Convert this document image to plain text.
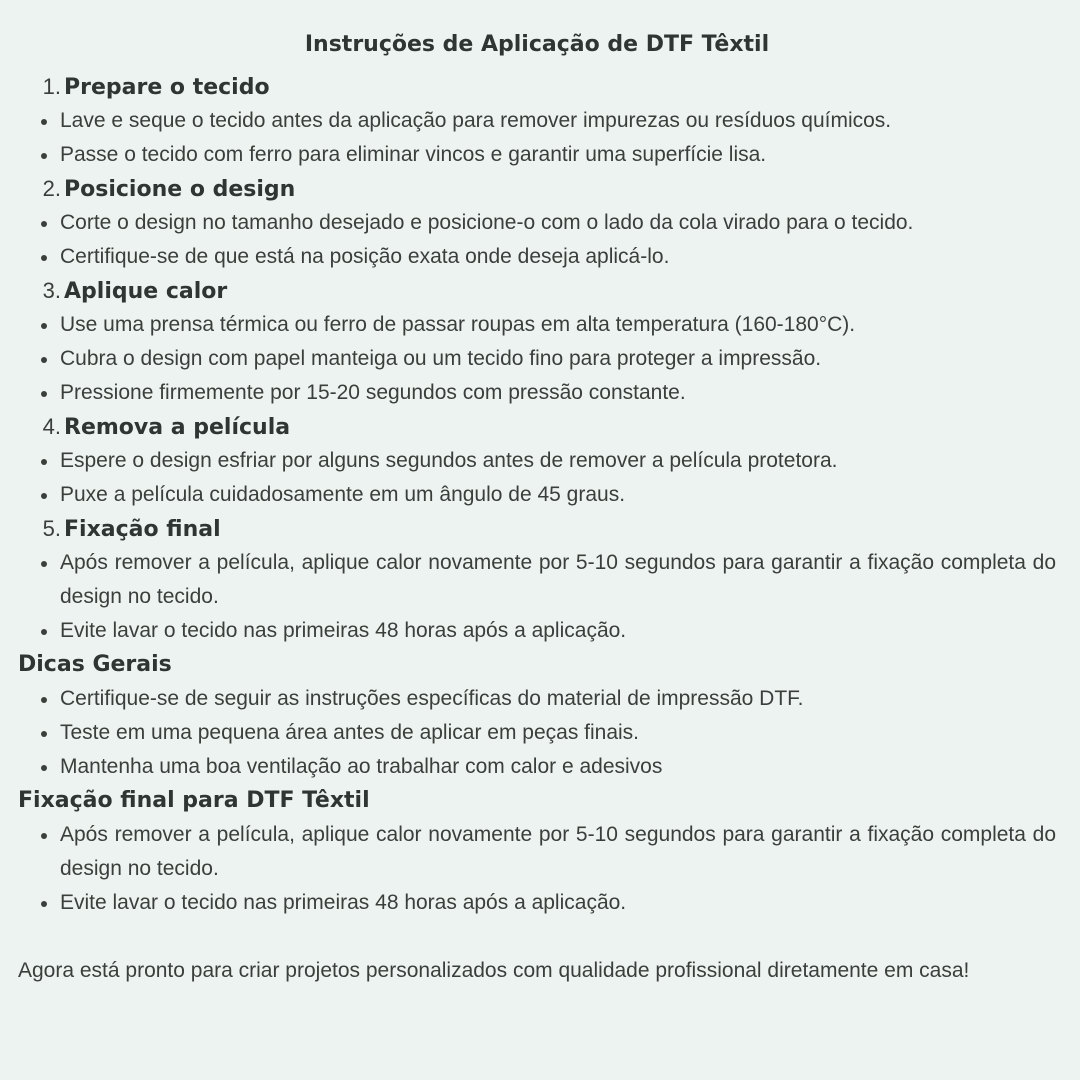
Instruções de Aplicação de DTF Têxtil
1. Prepare o tecido
Lave e seque o tecido antes da aplicação para remover impurezas ou resíduos químicos.
Passe o tecido com ferro para eliminar vincos e garantir uma superfície lisa.
2. Posicione o design
Corte o design no tamanho desejado e posicione-o com o lado da cola virado para o tecido.
Certifique-se de que está na posição exata onde deseja aplicá-lo.
3. Aplique calor
Use uma prensa térmica ou ferro de passar roupas em alta temperatura (160-180°C).
Cubra o design com papel manteiga ou um tecido fino para proteger a impressão.
Pressione firmemente por 15-20 segundos com pressão constante.
4. Remova a película
Espere o design esfriar por alguns segundos antes de remover a película protetora.
Puxe a película cuidadosamente em um ângulo de 45 graus.
5. Fixação final
Após remover a película, aplique calor novamente por 5-10 segundos para garantir a fixação completa do design no tecido.
Evite lavar o tecido nas primeiras 48 horas após a aplicação.
Dicas Gerais
Certifique-se de seguir as instruções específicas do material de impressão DTF.
Teste em uma pequena área antes de aplicar em peças finais.
Mantenha uma boa ventilação ao trabalhar com calor e adesivos
Fixação final para DTF Têxtil
Após remover a película, aplique calor novamente por 5-10 segundos para garantir a fixação completa do design no tecido.
Evite lavar o tecido nas primeiras 48 horas após a aplicação.

Agora está pronto para criar projetos personalizados com qualidade profissional diretamente em casa!
